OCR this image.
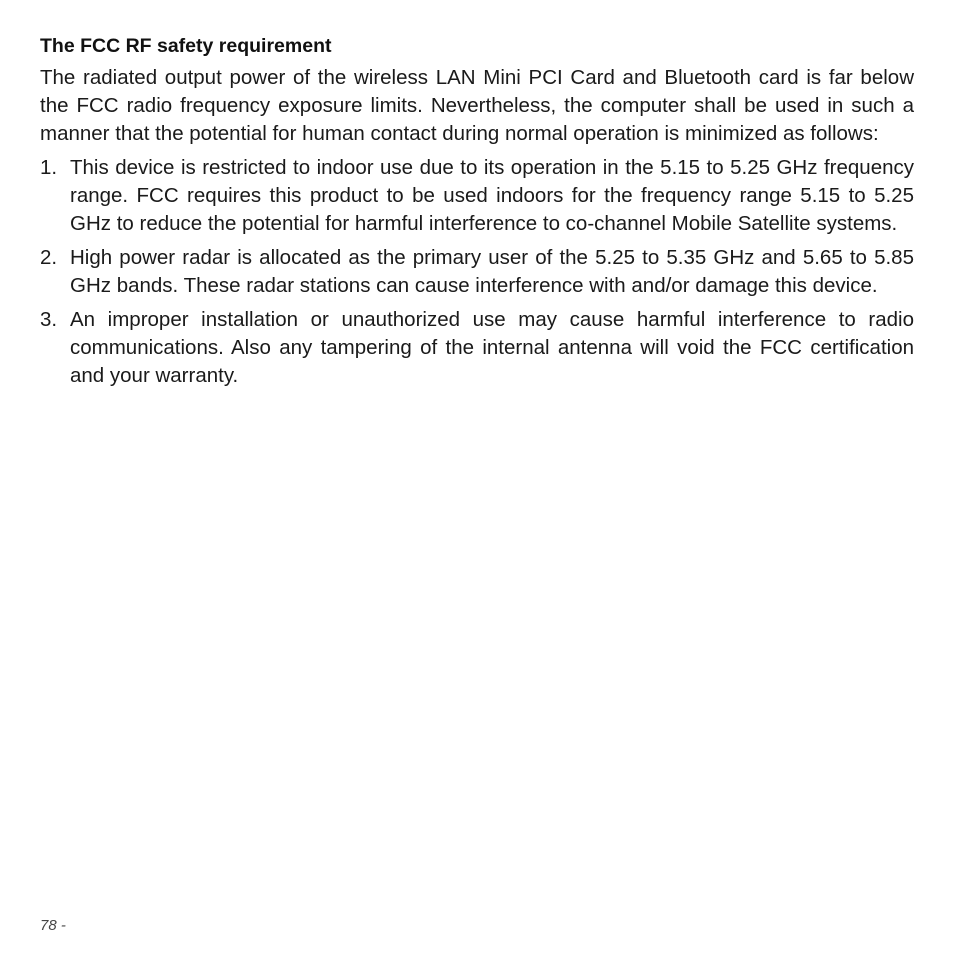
The FCC RF safety requirement

The radiated output power of the wireless LAN Mini PCI Card and Bluetooth card is far below the FCC radio frequency exposure limits. Nevertheless, the computer shall be used in such a manner that the potential for human contact during normal operation is minimized as follows:

1. This device is restricted to indoor use due to its operation in the 5.15 to 5.25 GHz frequency range. FCC requires this product to be used indoors for the frequency range 5.15 to 5.25 GHz to reduce the potential for harmful interference to co-channel Mobile Satellite systems.
2. High power radar is allocated as the primary user of the 5.25 to 5.35 GHz and 5.65 to 5.85 GHz bands. These radar stations can cause interference with and/or damage this device.
3. An improper installation or unauthorized use may cause harmful interference to radio communications. Also any tampering of the internal antenna will void the FCC certification and your warranty.
78 -
